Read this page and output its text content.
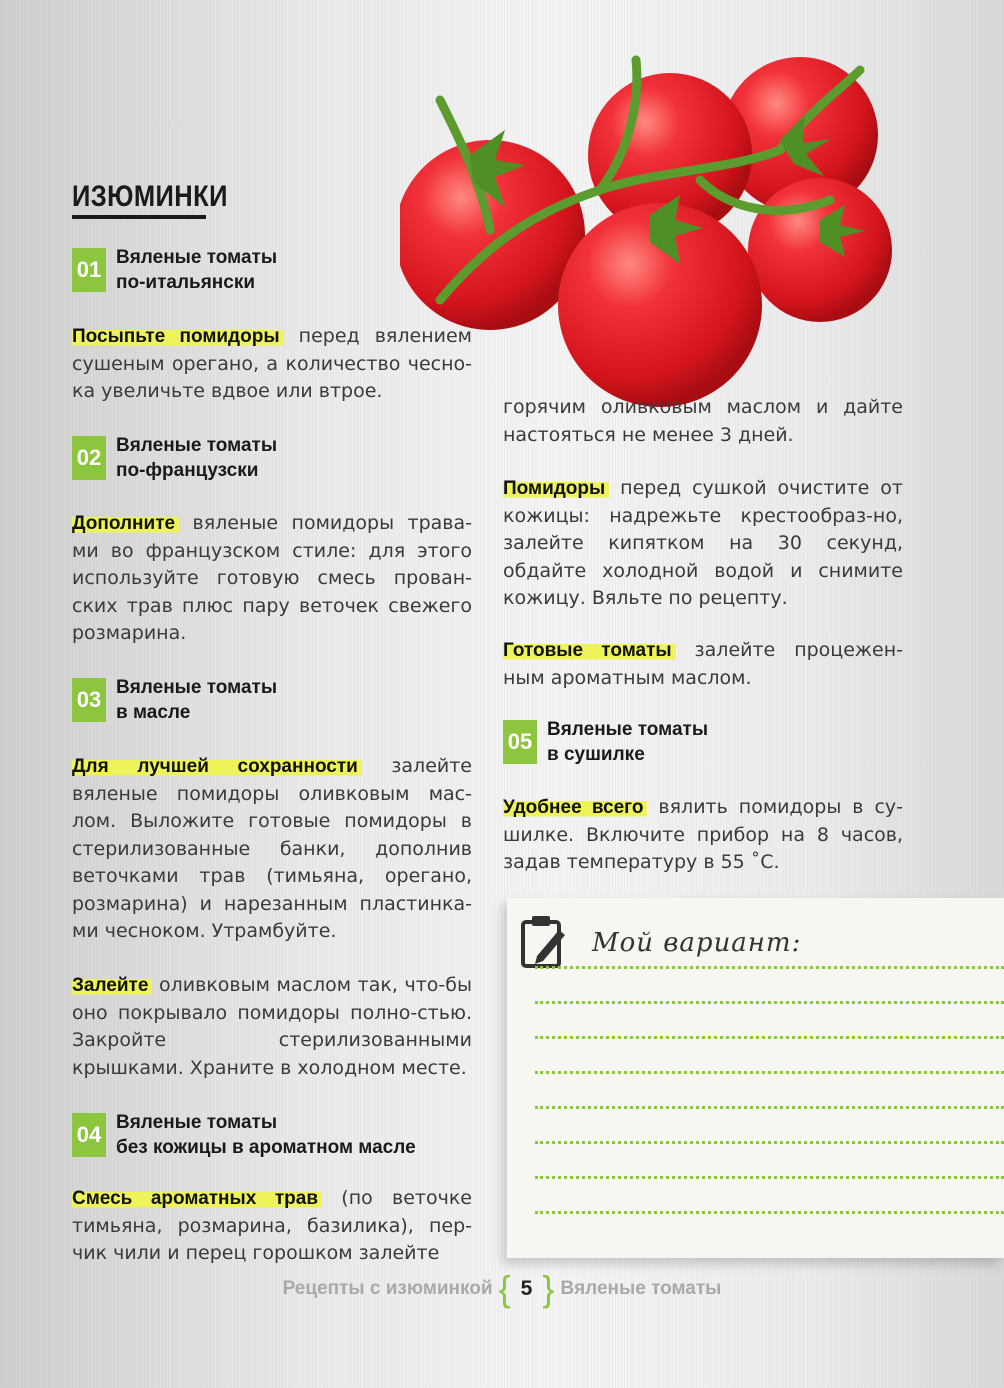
ИЗЮМИНКИ
01 Вяленые томаты
по-итальянски
Посыпьте помидоры перед вялением сушеным орегано, а количество чесно-ка увеличьте вдвое или втрое.
02 Вяленые томаты
по-французски
Дополните вяленые помидоры трава-ми во французском стиле: для этого используйте готовую смесь прован-ских трав плюс пару веточек свежего розмарина.
03 Вяленые томаты
в масле
Для лучшей сохранности залейте вяленые помидоры оливковым мас-лом. Выложите готовые помидоры в стерилизованные банки, дополнив веточками трав (тимьяна, орегано, розмарина) и нарезанным пластинка-ми чесноком. Утрамбуйте.
Залейте оливковым маслом так, что-бы оно покрывало помидоры полно-стью. Закройте стерилизованными крышками. Храните в холодном месте.
04 Вяленые томаты
без кожицы в ароматном масле
Смесь ароматных трав (по веточке тимьяна, розмарина, базилика), пер-чик чили и перец горошком залейте
горячим оливковым маслом и дайте настояться не менее 3 дней.
Помидоры перед сушкой очистите от кожицы: надрежьте крестообраз-но, залейте кипятком на 30 секунд, обдайте холодной водой и снимите кожицу. Вяльте по рецепту.
Готовые томаты залейте процежен-ным ароматным маслом.
05 Вяленые томаты
в сушилке
Удобнее всего вялить помидоры в су-шилке. Включите прибор на 8 часов, задав температуру в 55 ˚С.
Мой вариант:
Рецепты с изюминкой { 5 } Вяленые томаты
